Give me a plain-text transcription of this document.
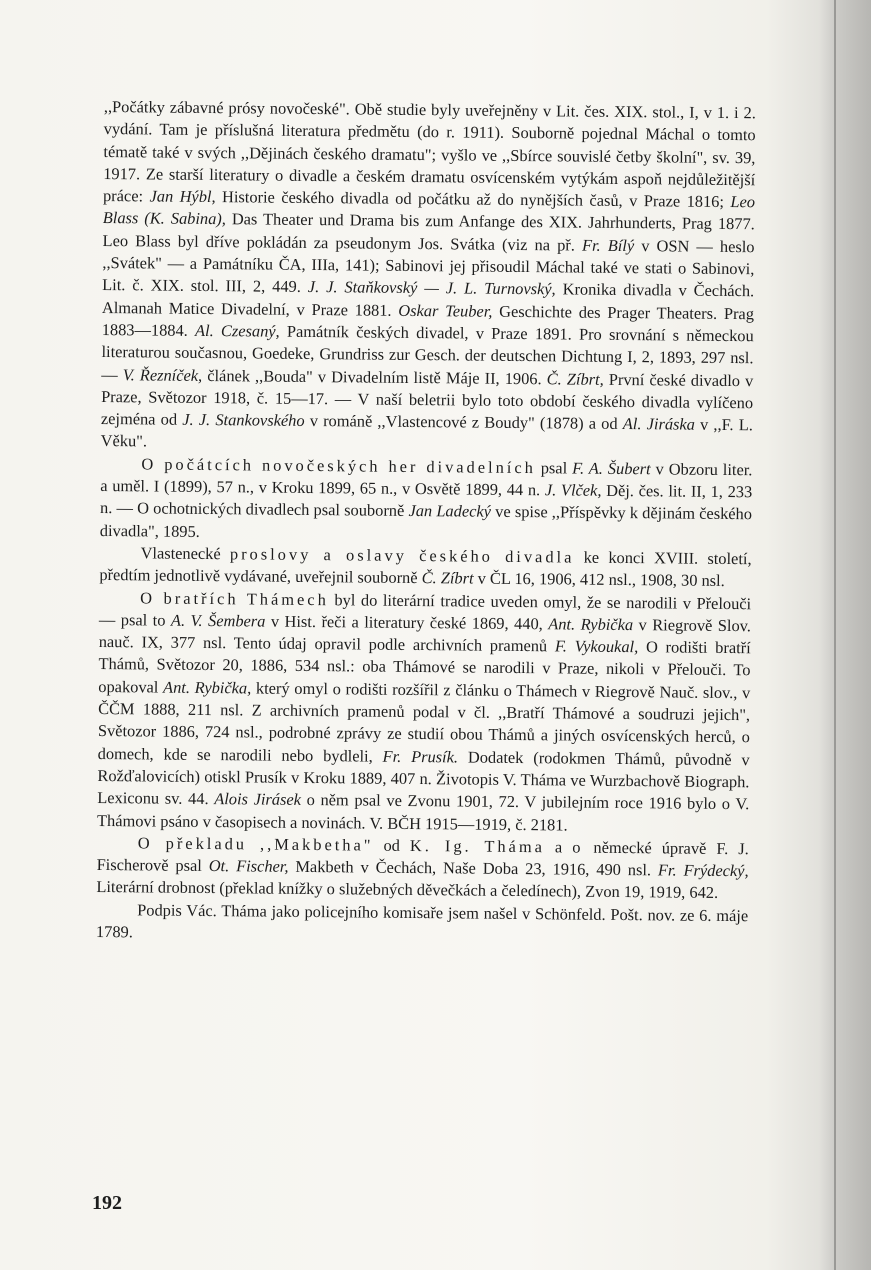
,,Počátky zábavné prósy novočeské". Obě studie byly uveřejněny v Lit. čes. XIX. stol., I, v 1. i 2. vydání. Tam je příslušná literatura předmětu (do r. 1911). Souborně pojednal Máchal o tomto tématě také v svých ,,Dějinách českého dramatu"; vyšlo ve ,,Sbírce souvislé četby školní", sv. 39, 1917. Ze starší literatury o divadle a českém dramatu osvícenském vytýkám aspoň nejdůležitější práce: Jan Hýbl, Historie českého divadla od počátku až do nynějších časů, v Praze 1816; Leo Blass (K. Sabina), Das Theater und Drama bis zum Anfange des XIX. Jahrhunderts, Prag 1877. Leo Blass byl dříve pokládán za pseudonym Jos. Svátka (viz na př. Fr. Bílý v OSN — heslo ,,Svátek" — a Památníku ČA, IIIa, 141); Sabinovi jej přisoudil Máchal také ve stati o Sabinovi, Lit. č. XIX. stol. III, 2, 449. J. J. Staňkovský — J. L. Turnovský, Kronika divadla v Čechách. Almanah Matice Divadelní, v Praze 1881. Oskar Teuber, Geschichte des Prager Theaters. Prag 1883—1884. Al. Czesaný, Památník českých divadel, v Praze 1891. Pro srovnání s německou literaturou současnou, Goedeke, Grundriss zur Gesch. der deutschen Dichtung I, 2, 1893, 297 nsl. — V. Řezníček, článek ,,Bouda" v Divadelním listě Máje II, 1906. Č. Zíbrt, První české divadlo v Praze, Světozor 1918, č. 15—17. — V naší beletrii bylo toto období českého divadla vylíčeno zejména od J. J. Stankovského v románě ,,Vlastencové z Boudy" (1878) a od Al. Jiráska v ,,F. L. Věku".

O počátcích novočeských her divadelních psal F. A. Šubert v Obzoru liter. a uměl. I (1899), 57 n., v Kroku 1899, 65 n., v Osvětě 1899, 44 n. J. Vlček, Děj. čes. lit. II, 1, 233 n. — O ochotnických divadlech psal souborně Jan Ladecký ve spise ,,Příspěvky k dějinám českého divadla", 1895.

Vlastenecké proslovy a oslavy českého divadla ke konci XVIII. století, předtím jednotlivě vydávané, uveřejnil souborně Č. Zíbrt v ČL 16, 1906, 412 nsl., 1908, 30 nsl.

O bratřích Thámech byl do literární tradice uveden omyl, že se narodili v Přelouči — psal to A. V. Šembera v Hist. řeči a literatury české 1869, 440, Ant. Rybička v Riegrově Slov. nauč. IX, 377 nsl. Tento údaj opravil podle archivních pramenů F. Vykoukal, O rodišti bratří Thámů, Světozor 20, 1886, 534 nsl.: oba Thámové se narodili v Praze, nikoli v Přelouči. To opakoval Ant. Rybička, který omyl o rodišti rozšířil z článku o Thámech v Riegrově Nauč. slov., v ČČM 1888, 211 nsl. Z archivních pramenů podal v čl. ,,Bratří Thámové a soudruzi jejich", Světozor 1886, 724 nsl., podrobné zprávy ze studií obou Thámů a jiných osvícenských herců, o domech, kde se narodili nebo bydleli, Fr. Prusík. Dodatek (rodokmen Thámů, původně v Rožďalovicích) otiskl Prusík v Kroku 1889, 407 n. Životopis V. Tháma ve Wurzbachově Biograph. Lexiconu sv. 44. Alois Jirásek o něm psal ve Zvonu 1901, 72. V jubilejním roce 1916 bylo o V. Thámovi psáno v časopisech a novinách. V. BČH 1915—1919, č. 2181.

O překladu ,,Makbetha" od K. Ig. Tháma a o německé úpravě F. J. Fischerově psal Ot. Fischer, Makbeth v Čechách, Naše Doba 23, 1916, 490 nsl. Fr. Frýdecký, Literární drobnost (překlad knížky o služebných děvečkách a čeledínech), Zvon 19, 1919, 642.

Podpis Vác. Tháma jako policejního komisaře jsem našel v Schönfeld. Pošt. nov. ze 6. máje 1789.

192
